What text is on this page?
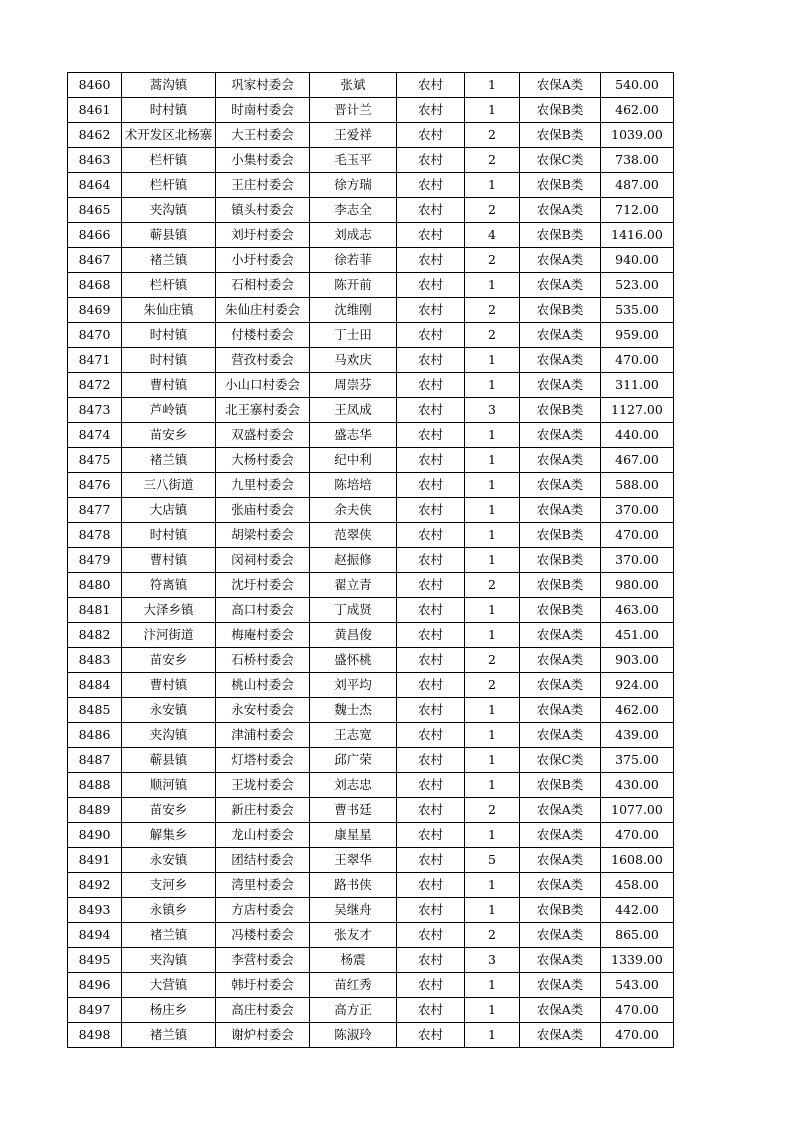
8460	蒿沟镇	巩家村委会	张斌	农村	1	农保A类	540.00
8461	时村镇	时南村委会	晋计兰	农村	1	农保B类	462.00
8462	术开发区北杨寨	大王村委会	王爱祥	农村	2	农保B类	1039.00
8463	栏杆镇	小集村委会	毛玉平	农村	2	农保C类	738.00
8464	栏杆镇	王庄村委会	徐方瑞	农村	1	农保B类	487.00
8465	夹沟镇	镇头村委会	李志全	农村	2	农保A类	712.00
8466	蕲县镇	刘圩村委会	刘成志	农村	4	农保B类	1416.00
8467	褚兰镇	小圩村委会	徐若菲	农村	2	农保A类	940.00
8468	栏杆镇	石相村委会	陈开前	农村	1	农保A类	523.00
8469	朱仙庄镇	朱仙庄村委会	沈维刚	农村	2	农保B类	535.00
8470	时村镇	付楼村委会	丁士田	农村	2	农保A类	959.00
8471	时村镇	营孜村委会	马欢庆	农村	1	农保A类	470.00
8472	曹村镇	小山口村委会	周崇芬	农村	1	农保A类	311.00
8473	芦岭镇	北王寨村委会	王凤成	农村	3	农保B类	1127.00
8474	苗安乡	双盛村委会	盛志华	农村	1	农保A类	440.00
8475	褚兰镇	大杨村委会	纪中利	农村	1	农保A类	467.00
8476	三八街道	九里村委会	陈培培	农村	1	农保A类	588.00
8477	大店镇	张庙村委会	余夫侠	农村	1	农保A类	370.00
8478	时村镇	胡梁村委会	范翠侠	农村	1	农保B类	470.00
8479	曹村镇	闵祠村委会	赵振修	农村	1	农保B类	370.00
8480	符离镇	沈圩村委会	翟立青	农村	2	农保B类	980.00
8481	大泽乡镇	高口村委会	丁成贤	农村	1	农保B类	463.00
8482	汴河街道	梅庵村委会	黄昌俊	农村	1	农保A类	451.00
8483	苗安乡	石桥村委会	盛怀桃	农村	2	农保A类	903.00
8484	曹村镇	桃山村委会	刘平均	农村	2	农保A类	924.00
8485	永安镇	永安村委会	魏士杰	农村	1	农保A类	462.00
8486	夹沟镇	津浦村委会	王志宽	农村	1	农保A类	439.00
8487	蕲县镇	灯塔村委会	邱广荣	农村	1	农保C类	375.00
8488	顺河镇	王垅村委会	刘志忠	农村	1	农保B类	430.00
8489	苗安乡	新庄村委会	曹书廷	农村	2	农保A类	1077.00
8490	解集乡	龙山村委会	康星星	农村	1	农保A类	470.00
8491	永安镇	团结村委会	王翠华	农村	5	农保A类	1608.00
8492	支河乡	湾里村委会	路书侠	农村	1	农保A类	458.00
8493	永镇乡	方店村委会	吴继舟	农村	1	农保B类	442.00
8494	褚兰镇	冯楼村委会	张友才	农村	2	农保A类	865.00
8495	夹沟镇	李营村委会	杨震	农村	3	农保A类	1339.00
8496	大营镇	韩圩村委会	苗红秀	农村	1	农保A类	543.00
8497	杨庄乡	高庄村委会	高方正	农村	1	农保A类	470.00
8498	褚兰镇	谢炉村委会	陈淑玲	农村	1	农保A类	470.00
